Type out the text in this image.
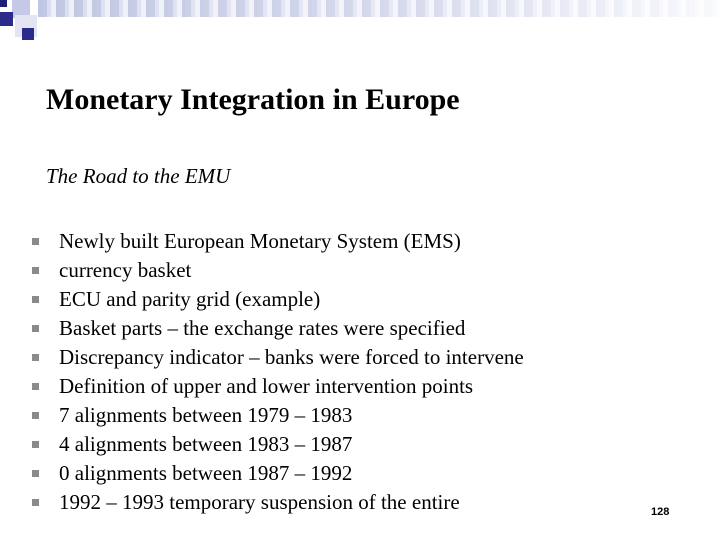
Monetary Integration in Europe
The Road to the EMU
Newly built European Monetary System (EMS)
currency basket
ECU and parity grid (example)
Basket parts – the exchange rates were specified
Discrepancy indicator – banks were forced to intervene
Definition of upper and lower intervention points
7 alignments between 1979 – 1983
4 alignments between 1983 – 1987
0 alignments between 1987 – 1992
1992 – 1993 temporary suspension of the entire	128
